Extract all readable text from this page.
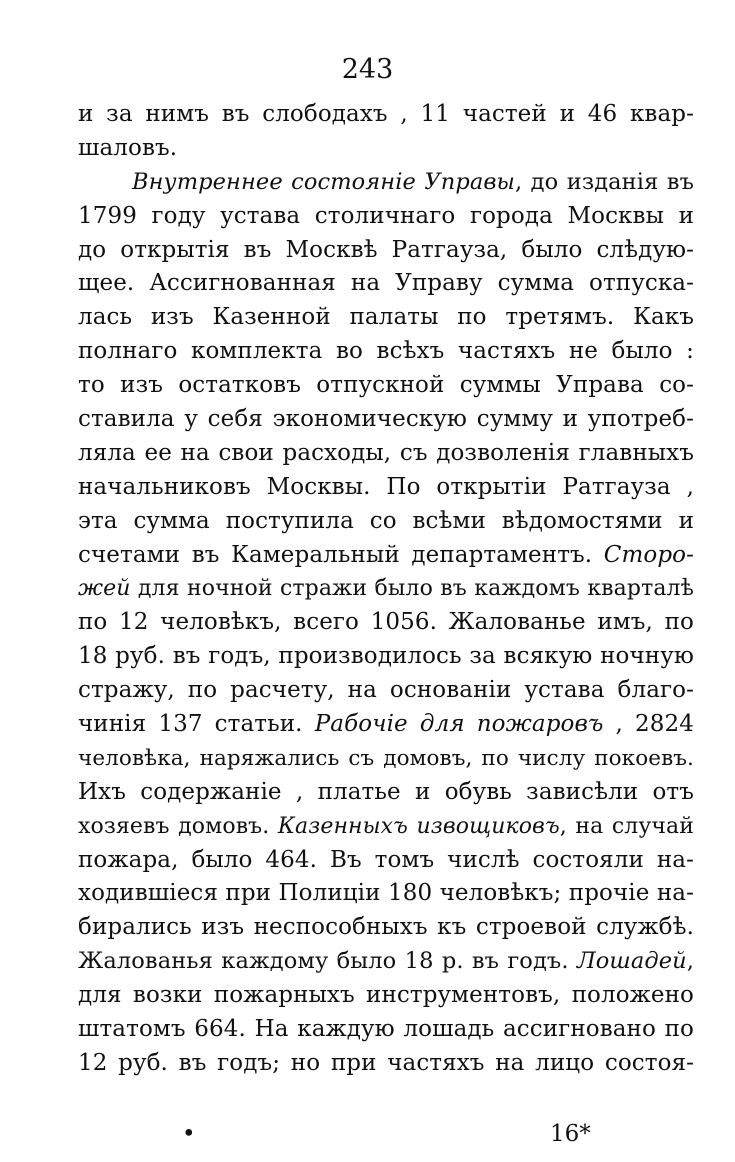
243
и за нимъ въ слободахъ , 11 частей и 46 квар-
шаловъ.
Внутреннее состоянiе Управы, до изданiя въ
1799 году устава столичнаго города Москвы и
до открытiя въ Москвѣ Ратгауза, было слѣдую-
щее. Ассигнованная на Управу сумма отпуска-
лась изъ Казенной палаты по третямъ. Какъ
полнаго комплекта во всѣхъ частяхъ не было :
то изъ остатковъ отпускной суммы Управа со-
ставила у себя экономическую сумму и употреб-
ляла ее на свои расходы, съ дозволенiя главныхъ
начальниковъ Москвы. По открытiи Ратгауза ,
эта сумма поступила со всѣми вѣдомостями и
счетами въ Камеральный департаментъ. Сторо-
жей для ночной стражи было въ каждомъ кварталѣ
по 12 человѣкъ, всего 1056. Жалованье имъ, по
18 руб. въ годъ, производилось за всякую ночную
стражу, по расчету, на основанiи устава благо-
чинiя 137 статьи. Рабочiе для пожаровъ , 2824
человѣка, наряжались съ домовъ, по числу покоевъ.
Ихъ содержанiе , платье и обувь зависѣли отъ
хозяевъ домовъ. Казенныхъ извощиковъ, на случай
пожара, было 464. Въ томъ числѣ состояли на-
ходившiеся при Полицiи 180 человѣкъ; прочiе на-
бирались изъ неспособныхъ къ строевой службѣ.
Жалованья каждому было 18 р. въ годъ. Лошадей,
для возки пожарныхъ инструментовъ, положено
штатомъ 664. На каждую лошадь ассигновано по
12 руб. въ годъ; но при частяхъ на лицо состоя-
•	16*
